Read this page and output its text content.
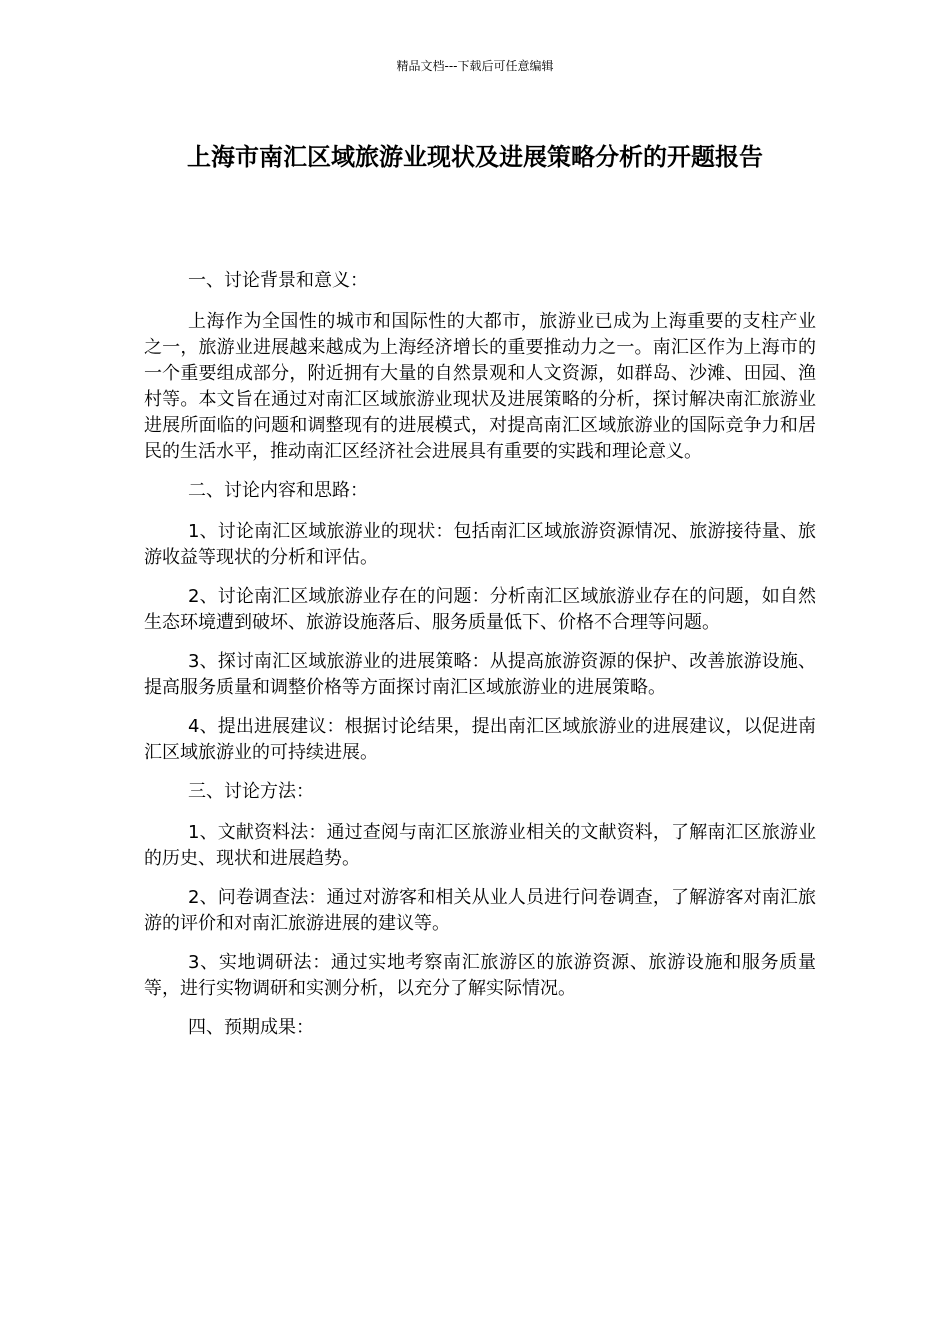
精品文档---下载后可任意编辑
上海市南汇区域旅游业现状及进展策略分析的开题报告

一、讨论背景和意义：

上海作为全国性的城市和国际性的大都市，旅游业已成为上海重要的支柱产业之一，旅游业进展越来越成为上海经济增长的重要推动力之一。南汇区作为上海市的一个重要组成部分，附近拥有大量的自然景观和人文资源，如群岛、沙滩、田园、渔村等。本文旨在通过对南汇区域旅游业现状及进展策略的分析，探讨解决南汇旅游业进展所面临的问题和调整现有的进展模式，对提高南汇区域旅游业的国际竞争力和居民的生活水平，推动南汇区经济社会进展具有重要的实践和理论意义。

二、讨论内容和思路：

1、讨论南汇区域旅游业的现状：包括南汇区域旅游资源情况、旅游接待量、旅游收益等现状的分析和评估。

2、讨论南汇区域旅游业存在的问题：分析南汇区域旅游业存在的问题，如自然生态环境遭到破坏、旅游设施落后、服务质量低下、价格不合理等问题。

3、探讨南汇区域旅游业的进展策略：从提高旅游资源的保护、改善旅游设施、提高服务质量和调整价格等方面探讨南汇区域旅游业的进展策略。

4、提出进展建议：根据讨论结果，提出南汇区域旅游业的进展建议，以促进南汇区域旅游业的可持续进展。

三、讨论方法：

1、文献资料法：通过查阅与南汇区旅游业相关的文献资料，了解南汇区旅游业的历史、现状和进展趋势。

2、问卷调查法：通过对游客和相关从业人员进行问卷调查，了解游客对南汇旅游的评价和对南汇旅游进展的建议等。

3、实地调研法：通过实地考察南汇旅游区的旅游资源、旅游设施和服务质量等，进行实物调研和实测分析，以充分了解实际情况。

四、预期成果：
